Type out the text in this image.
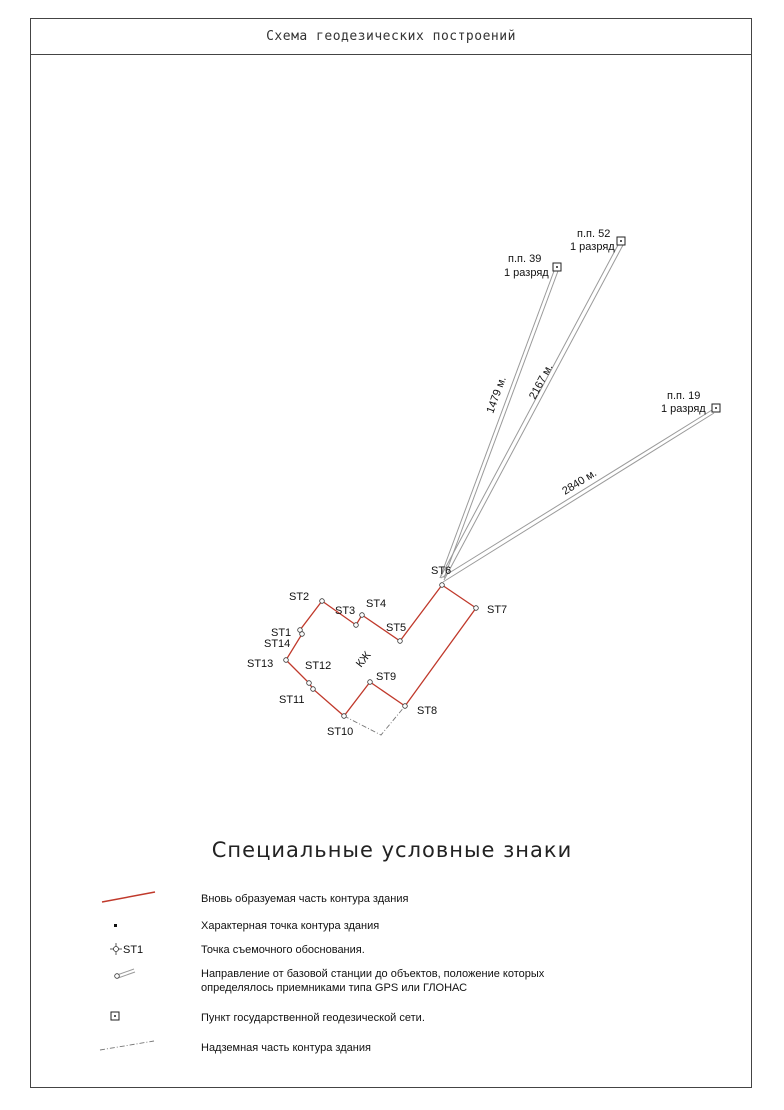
Схема геодезических построений
1479 м. 2167 м.
2840 м.
п.п. 39
1 разряд
п.п. 52
1 разряд
п.п. 19
1 разряд
ST1
ST2
ST3
ST4
ST5
ST6
ST7
ST8
ST9
ST10
ST11
ST12
ST13
ST14
КЖ
ST1
Специальные условные знаки
Вновь образуемая часть контура здания
Характерная точка контура здания
Точка съемочного обоснования.
Направление от базовой станции до объектов, положение которых определялось приемниками типа GPS или ГЛОНАС
Пункт государственной геодезической сети.
Надземная часть контура здания
